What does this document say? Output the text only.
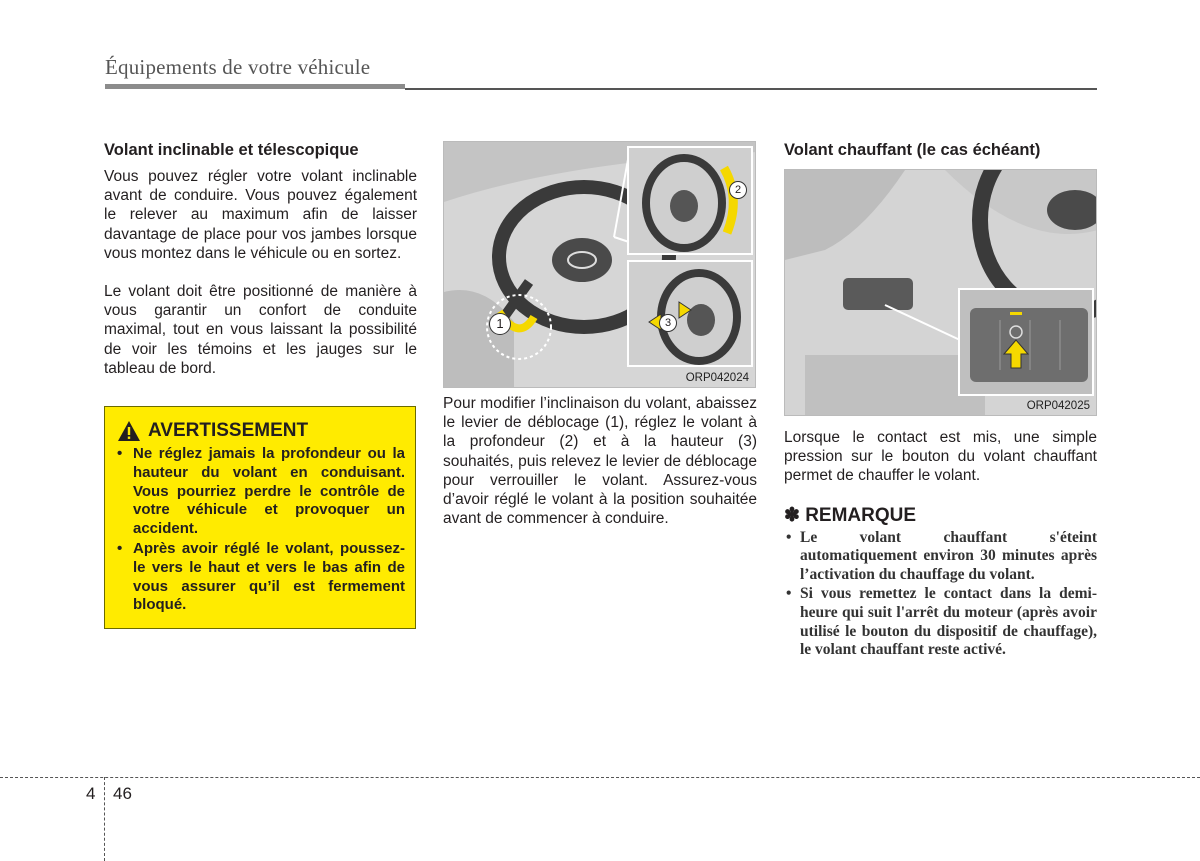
Équipements de votre véhicule
Volant inclinable et télescopique

Vous pouvez régler votre volant inclinable avant de conduire. Vous pouvez également le relever au maximum afin de laisser davantage de place pour vos jambes lorsque vous montez dans le véhicule ou en sortez.

Le volant doit être positionné de manière à vous garantir un confort de conduite maximal, tout en vous laissant la possibilité de voir les témoins et les jauges sur le tableau de bord.

AVERTISSEMENT
• Ne réglez jamais la profondeur ou la hauteur du volant en conduisant. Vous pourriez perdre le contrôle de votre véhicule et provoquer un accident.
• Après avoir réglé le volant, poussez-le vers le haut et vers le bas afin de vous assurer qu’il est fermement bloqué.
1
2
3
ORP042024

Pour modifier l’inclinaison du volant, abaissez le levier de déblocage (1), réglez le volant à la profondeur (2) et à la hauteur (3) souhaités, puis relevez le levier de déblocage pour verrouiller le volant. Assurez-vous d’avoir réglé le volant à la position souhaitée avant de commencer à conduire.

Volant chauffant (le cas échéant)
ORP042025

Lorsque le contact est mis, une simple pression sur le bouton du volant chauffant permet de chauffer le volant.

✽ REMARQUE
• Le volant chauffant s'éteint automatiquement environ 30 minutes après l’activation du chauffage du volant.
• Si vous remettez le contact dans la demi-heure qui suit l'arrêt du moteur (après avoir utilisé le bouton du dispositif de chauffage), le volant chauffant reste activé.
4 46
